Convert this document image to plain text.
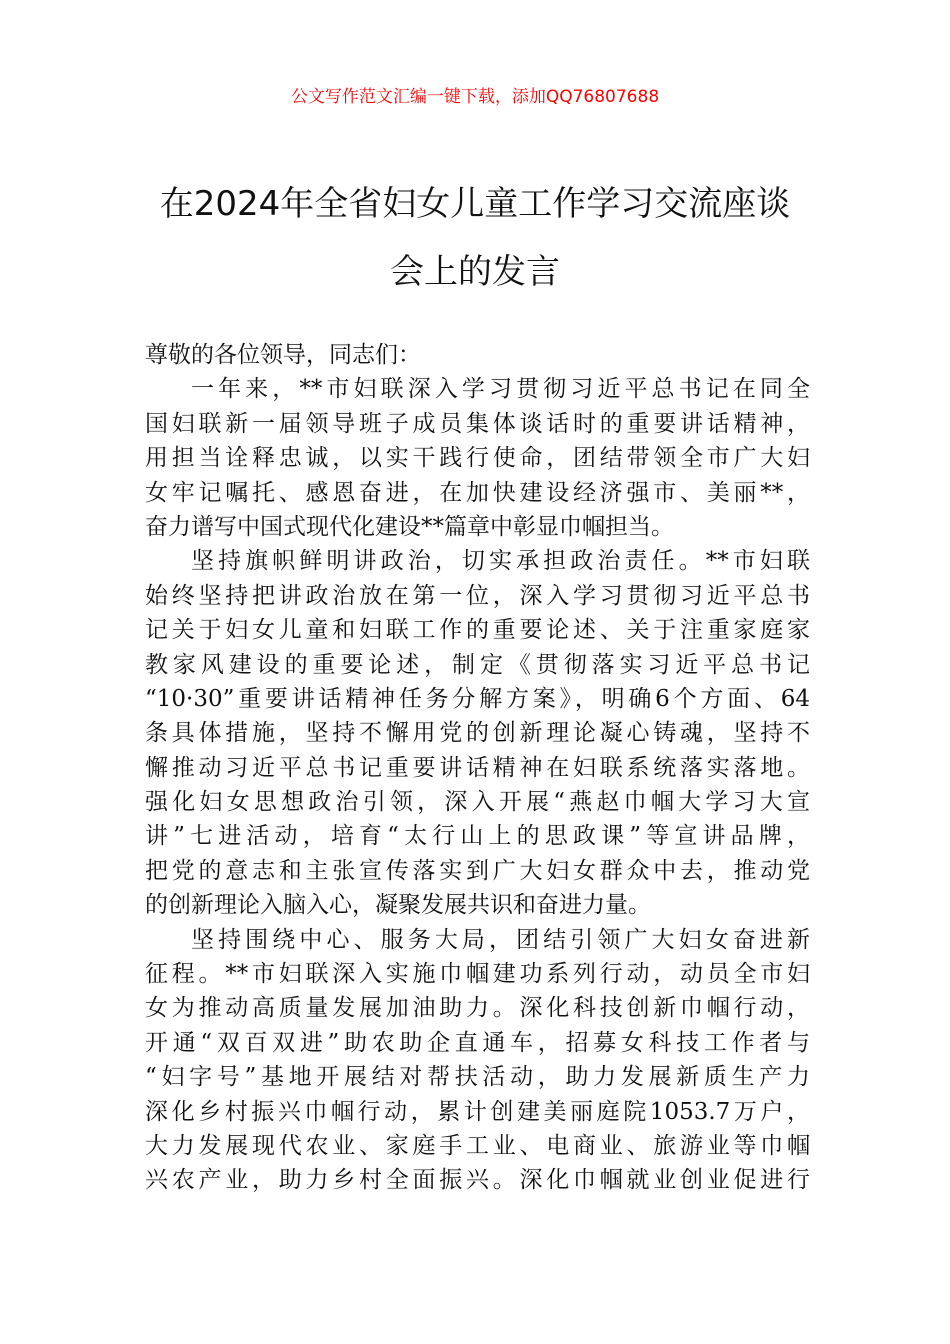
公文写作范文汇编一键下载，添加QQ76807688
在2024年全省妇女儿童工作学习交流座谈
会上的发言
尊敬的各位领导，同志们：
一年来，**市妇联深入学习贯彻习近平总书记在同全
国妇联新一届领导班子成员集体谈话时的重要讲话精神，
用担当诠释忠诚，以实干践行使命，团结带领全市广大妇
女牢记嘱托、感恩奋进，在加快建设经济强市、美丽**，
奋力谱写中国式现代化建设**篇章中彰显巾帼担当。
坚持旗帜鲜明讲政治，切实承担政治责任。**市妇联
始终坚持把讲政治放在第一位，深入学习贯彻习近平总书
记关于妇女儿童和妇联工作的重要论述、关于注重家庭家
教家风建设的重要论述，制定《贯彻落实习近平总书记
“10·30”重要讲话精神任务分解方案》，明确6个方面、64
条具体措施，坚持不懈用党的创新理论凝心铸魂，坚持不
懈推动习近平总书记重要讲话精神在妇联系统落实落地。
强化妇女思想政治引领，深入开展“燕赵巾帼大学习大宣
讲”七进活动，培育“太行山上的思政课”等宣讲品牌，
把党的意志和主张宣传落实到广大妇女群众中去，推动党
的创新理论入脑入心，凝聚发展共识和奋进力量。
坚持围绕中心、服务大局，团结引领广大妇女奋进新
征程。**市妇联深入实施巾帼建功系列行动，动员全市妇
女为推动高质量发展加油助力。深化科技创新巾帼行动，
开通“双百双进”助农助企直通车，招募女科技工作者与
“妇字号”基地开展结对帮扶活动，助力发展新质生产力
深化乡村振兴巾帼行动，累计创建美丽庭院1053.7万户，
大力发展现代农业、家庭手工业、电商业、旅游业等巾帼
兴农产业，助力乡村全面振兴。深化巾帼就业创业促进行
